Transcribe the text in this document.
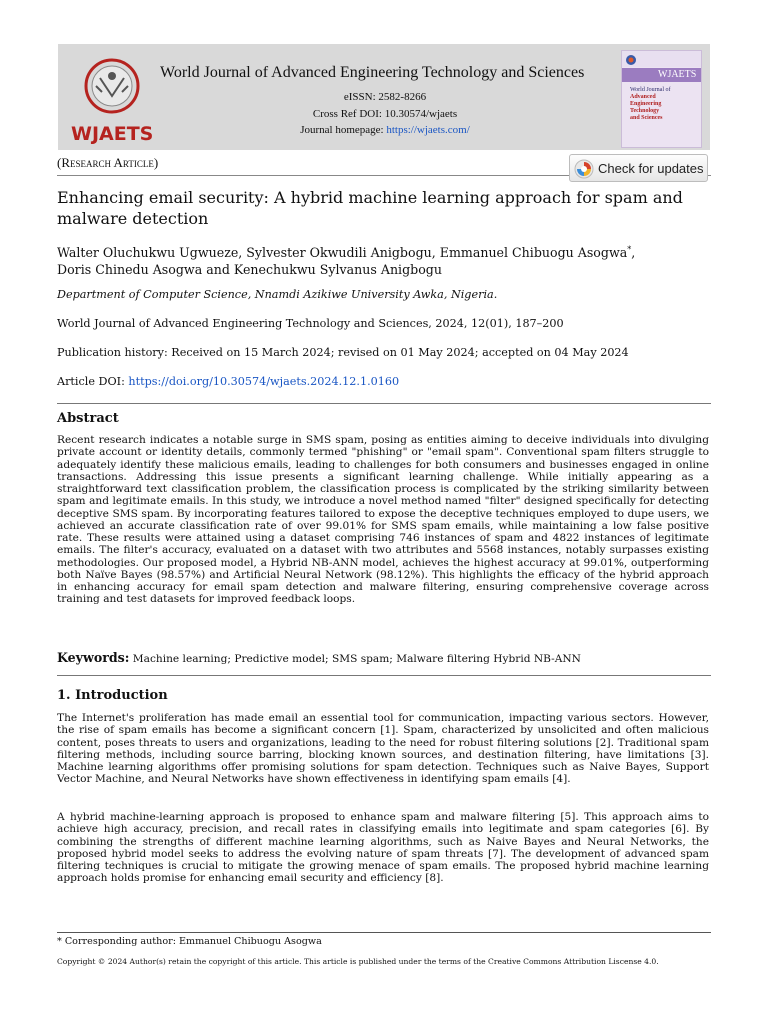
WJAETS
World Journal of Advanced Engineering Technology and Sciences
eISSN: 2582-8266
Cross Ref DOI: 10.30574/wjaets
Journal homepage: https://wjaets.com/
WJAETS
World Journal of
Advanced
Engineering
Technology
and Sciences
(Research Article)	Check for updates
Enhancing email security: A hybrid machine learning approach for spam and malware detection
Walter Oluchukwu Ugwueze, Sylvester Okwudili Anigbogu, Emmanuel Chibuogu Asogwa*,
Doris Chinedu Asogwa and Kenechukwu Sylvanus Anigbogu
Department of Computer Science, Nnamdi Azikiwe University Awka, Nigeria.
World Journal of Advanced Engineering Technology and Sciences, 2024, 12(01), 187–200
Publication history: Received on 15 March 2024; revised on 01 May 2024; accepted on 04 May 2024
Article DOI: https://doi.org/10.30574/wjaets.2024.12.1.0160
Abstract
Recent research indicates a notable surge in SMS spam, posing as entities aiming to deceive individuals into divulging private account or identity details, commonly termed "phishing" or "email spam". Conventional spam filters struggle to adequately identify these malicious emails, leading to challenges for both consumers and businesses engaged in online transactions. Addressing this issue presents a significant learning challenge. While initially appearing as a straightforward text classification problem, the classification process is complicated by the striking similarity between spam and legitimate emails. In this study, we introduce a novel method named "filter" designed specifically for detecting deceptive SMS spam. By incorporating features tailored to expose the deceptive techniques employed to dupe users, we achieved an accurate classification rate of over 99.01% for SMS spam emails, while maintaining a low false positive rate. These results were attained using a dataset comprising 746 instances of spam and 4822 instances of legitimate emails. The filter's accuracy, evaluated on a dataset with two attributes and 5568 instances, notably surpasses existing methodologies. Our proposed model, a Hybrid NB-ANN model, achieves the highest accuracy at 99.01%, outperforming both Naïve Bayes (98.57%) and Artificial Neural Network (98.12%). This highlights the efficacy of the hybrid approach in enhancing accuracy for email spam detection and malware filtering, ensuring comprehensive coverage across training and test datasets for improved feedback loops.
Keywords: Machine learning; Predictive model; SMS spam; Malware filtering Hybrid NB-ANN
1. Introduction
The Internet's proliferation has made email an essential tool for communication, impacting various sectors. However, the rise of spam emails has become a significant concern [1]. Spam, characterized by unsolicited and often malicious content, poses threats to users and organizations, leading to the need for robust filtering solutions [2]. Traditional spam filtering methods, including source barring, blocking known sources, and destination filtering, have limitations [3]. Machine learning algorithms offer promising solutions for spam detection. Techniques such as Naive Bayes, Support Vector Machine, and Neural Networks have shown effectiveness in identifying spam emails [4].
A hybrid machine-learning approach is proposed to enhance spam and malware filtering [5]. This approach aims to achieve high accuracy, precision, and recall rates in classifying emails into legitimate and spam categories [6]. By combining the strengths of different machine learning algorithms, such as Naive Bayes and Neural Networks, the proposed hybrid model seeks to address the evolving nature of spam threats [7]. The development of advanced spam filtering techniques is crucial to mitigate the growing menace of spam emails. The proposed hybrid machine learning approach holds promise for enhancing email security and efficiency [8].
* Corresponding author: Emmanuel Chibuogu Asogwa
Copyright © 2024 Author(s) retain the copyright of this article. This article is published under the terms of the Creative Commons Attribution Liscense 4.0.
